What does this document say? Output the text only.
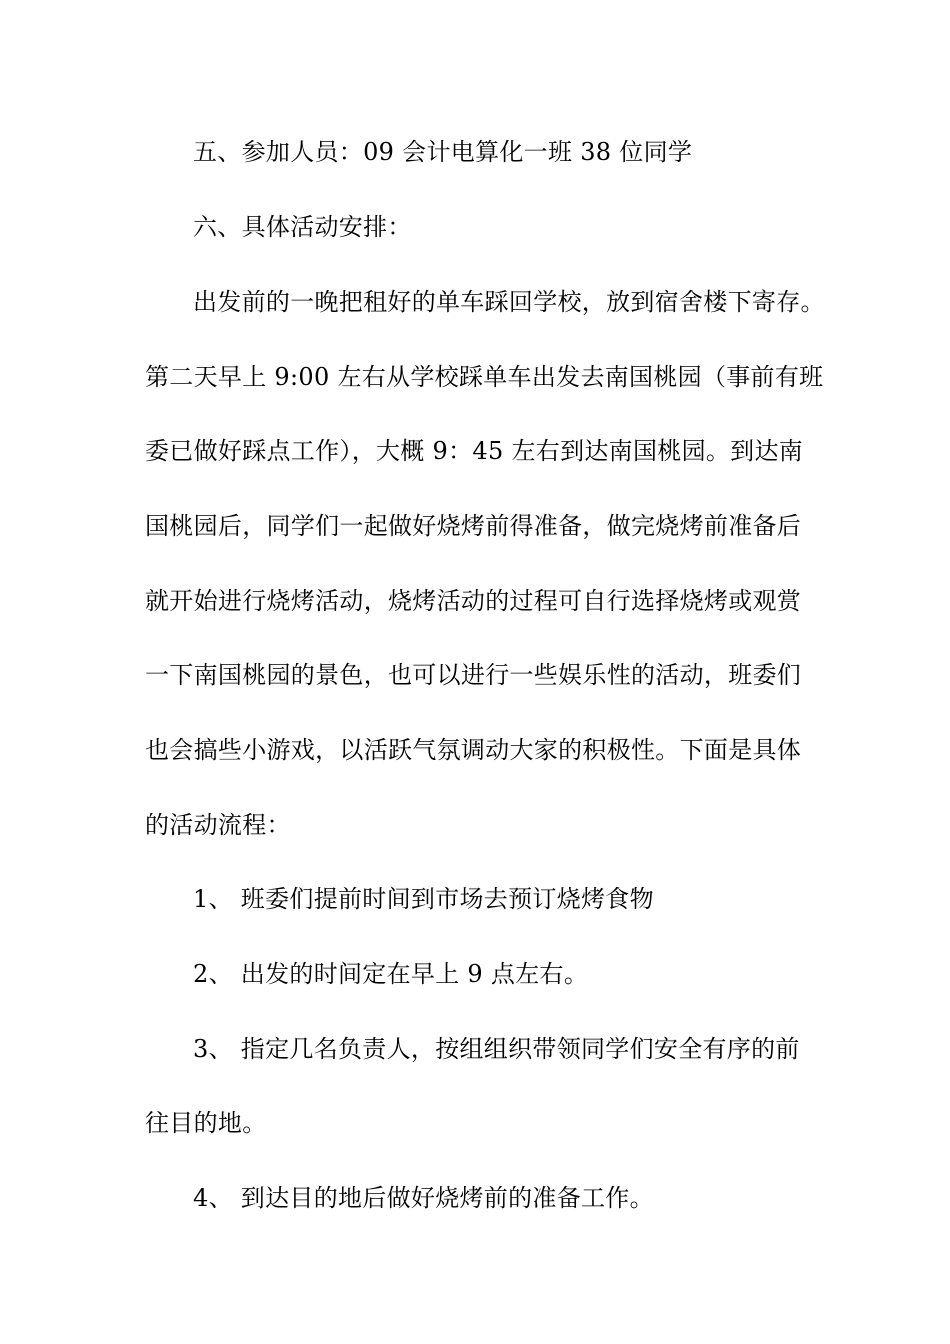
五、参加人员：09 会计电算化一班 38 位同学
六、具体活动安排：
出发前的一晚把租好的单车踩回学校，放到宿舍楼下寄存。
第二天早上 9:00 左右从学校踩单车出发去南国桃园（事前有班
委已做好踩点工作），大概 9：45 左右到达南国桃园。到达南
国桃园后，同学们一起做好烧烤前得准备，做完烧烤前准备后
就开始进行烧烤活动，烧烤活动的过程可自行选择烧烤或观赏
一下南国桃园的景色，也可以进行一些娱乐性的活动，班委们
也会搞些小游戏，以活跃气氛调动大家的积极性。下面是具体
的活动流程：
1、 班委们提前时间到市场去预订烧烤食物
2、 出发的时间定在早上 9 点左右。
3、 指定几名负责人，按组组织带领同学们安全有序的前
往目的地。
4、 到达目的地后做好烧烤前的准备工作。
